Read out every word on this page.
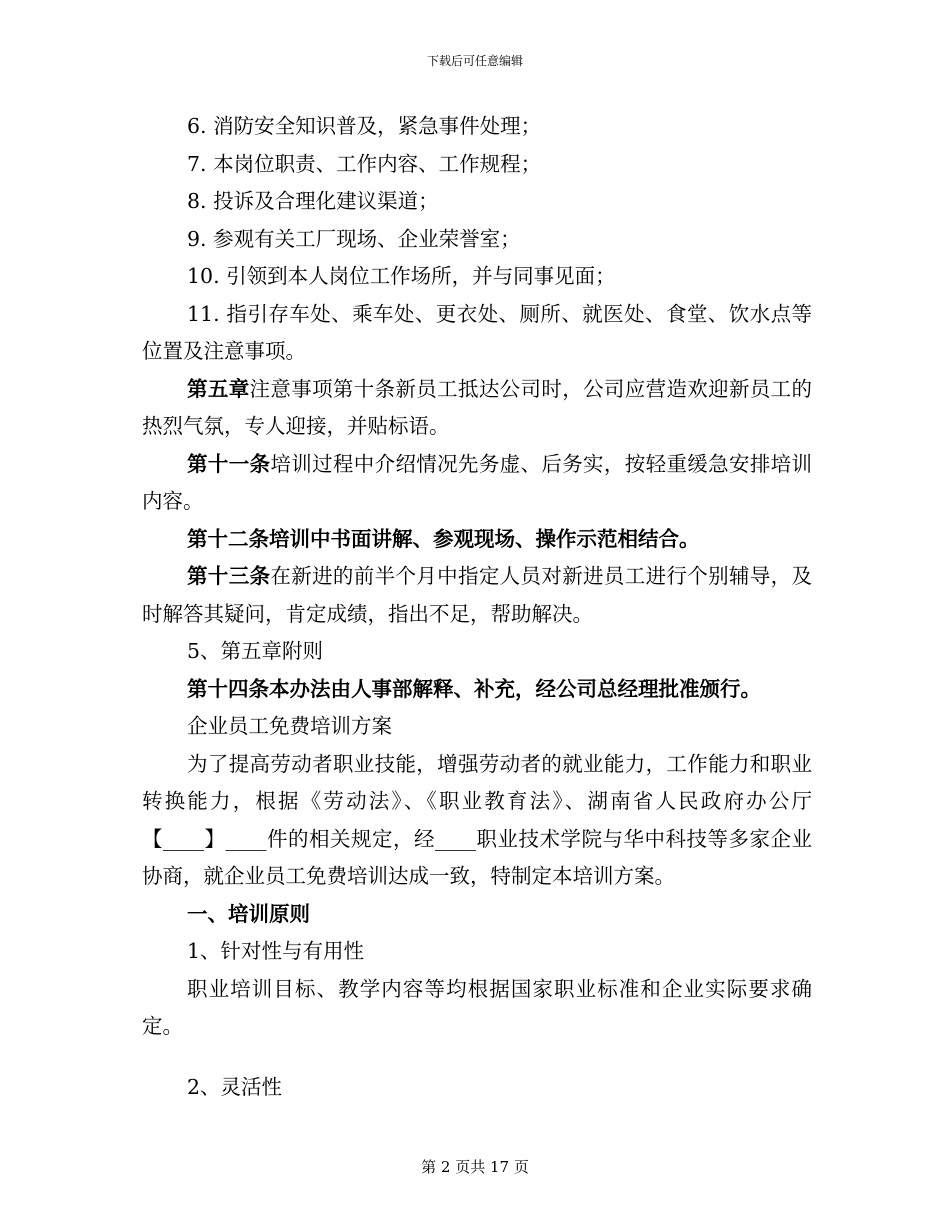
下载后可任意编辑

6. 消防安全知识普及，紧急事件处理；

7. 本岗位职责、工作内容、工作规程；

8. 投诉及合理化建议渠道；

9. 参观有关工厂现场、企业荣誉室；

10. 引领到本人岗位工作场所，并与同事见面；

11. 指引存车处、乘车处、更衣处、厕所、就医处、食堂、饮水点等位置及注意事项。

第五章注意事项第十条新员工抵达公司时，公司应营造欢迎新员工的热烈气氛，专人迎接，并贴标语。

第十一条培训过程中介绍情况先务虚、后务实，按轻重缓急安排培训内容。

第十二条培训中书面讲解、参观现场、操作示范相结合。

第十三条在新进的前半个月中指定人员对新进员工进行个别辅导，及时解答其疑问，肯定成绩，指出不足，帮助解决。

5、第五章附则

第十四条本办法由人事部解释、补充，经公司总经理批准颁行。

企业员工免费培训方案

为了提高劳动者职业技能，增强劳动者的就业能力，工作能力和职业转换能力，根据《劳动法》、《职业教育法》、湖南省人民政府办公厅【____】____件的相关规定，经____职业技术学院与华中科技等多家企业协商，就企业员工免费培训达成一致，特制定本培训方案。

一、培训原则

1、针对性与有用性

职业培训目标、教学内容等均根据国家职业标准和企业实际要求确定。

2、灵活性

第 2 页共 17 页
